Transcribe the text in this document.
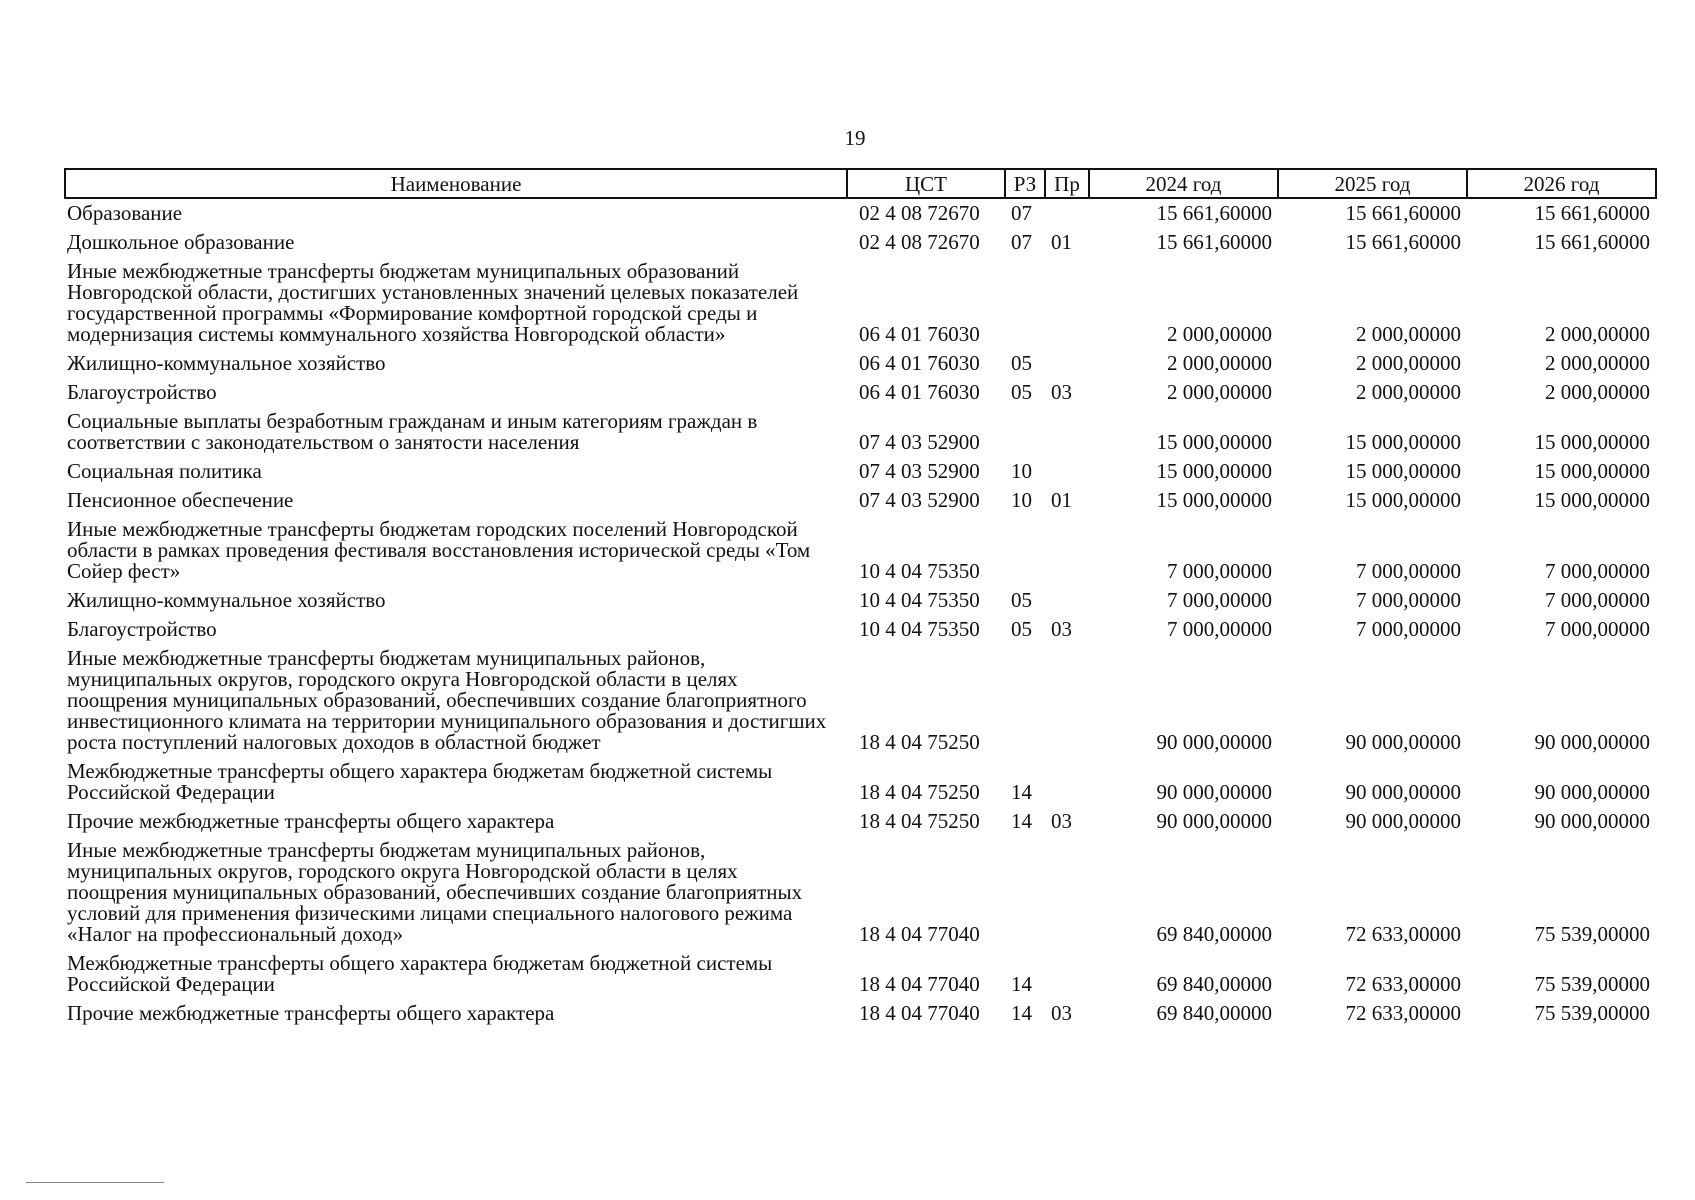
19
Наименование	ЦСТ	РЗ	Пр	2024 год	2025 год	2026 год
Образование	02 4 08 72670	07		15 661,60000	15 661,60000	15 661,60000
Дошкольное образование	02 4 08 72670	07	01	15 661,60000	15 661,60000	15 661,60000
Иные межбюджетные трансферты бюджетам муниципальных образований Новгородской области, достигших установленных значений целевых показателей государственной программы «Формирование комфортной городской среды и модернизация системы коммунального хозяйства Новгородской области»	06 4 01 76030			2 000,00000	2 000,00000	2 000,00000
Жилищно-коммунальное хозяйство	06 4 01 76030	05		2 000,00000	2 000,00000	2 000,00000
Благоустройство	06 4 01 76030	05	03	2 000,00000	2 000,00000	2 000,00000
Социальные выплаты безработным гражданам и иным категориям граждан в соответствии с законодательством о занятости населения	07 4 03 52900			15 000,00000	15 000,00000	15 000,00000
Социальная политика	07 4 03 52900	10		15 000,00000	15 000,00000	15 000,00000
Пенсионное обеспечение	07 4 03 52900	10	01	15 000,00000	15 000,00000	15 000,00000
Иные межбюджетные трансферты бюджетам городских поселений Новгородской области в рамках проведения фестиваля восстановления исторической среды «Том Сойер фест»	10 4 04 75350			7 000,00000	7 000,00000	7 000,00000
Жилищно-коммунальное хозяйство	10 4 04 75350	05		7 000,00000	7 000,00000	7 000,00000
Благоустройство	10 4 04 75350	05	03	7 000,00000	7 000,00000	7 000,00000
Иные межбюджетные трансферты бюджетам муниципальных районов, муниципальных округов, городского округа Новгородской области в целях поощрения муниципальных образований, обеспечивших создание благоприятного инвестиционного климата на территории муниципального образования и достигших роста поступлений налоговых доходов в областной бюджет	18 4 04 75250			90 000,00000	90 000,00000	90 000,00000
Межбюджетные трансферты общего характера бюджетам бюджетной системы Российской Федерации	18 4 04 75250	14		90 000,00000	90 000,00000	90 000,00000
Прочие межбюджетные трансферты общего характера	18 4 04 75250	14	03	90 000,00000	90 000,00000	90 000,00000
Иные межбюджетные трансферты бюджетам муниципальных районов, муниципальных округов, городского округа Новгородской области в целях поощрения муниципальных образований, обеспечивших создание благоприятных условий для применения физическими лицами специального налогового режима «Налог на профессиональный доход»	18 4 04 77040			69 840,00000	72 633,00000	75 539,00000
Межбюджетные трансферты общего характера бюджетам бюджетной системы Российской Федерации	18 4 04 77040	14		69 840,00000	72 633,00000	75 539,00000
Прочие межбюджетные трансферты общего характера	18 4 04 77040	14	03	69 840,00000	72 633,00000	75 539,00000
